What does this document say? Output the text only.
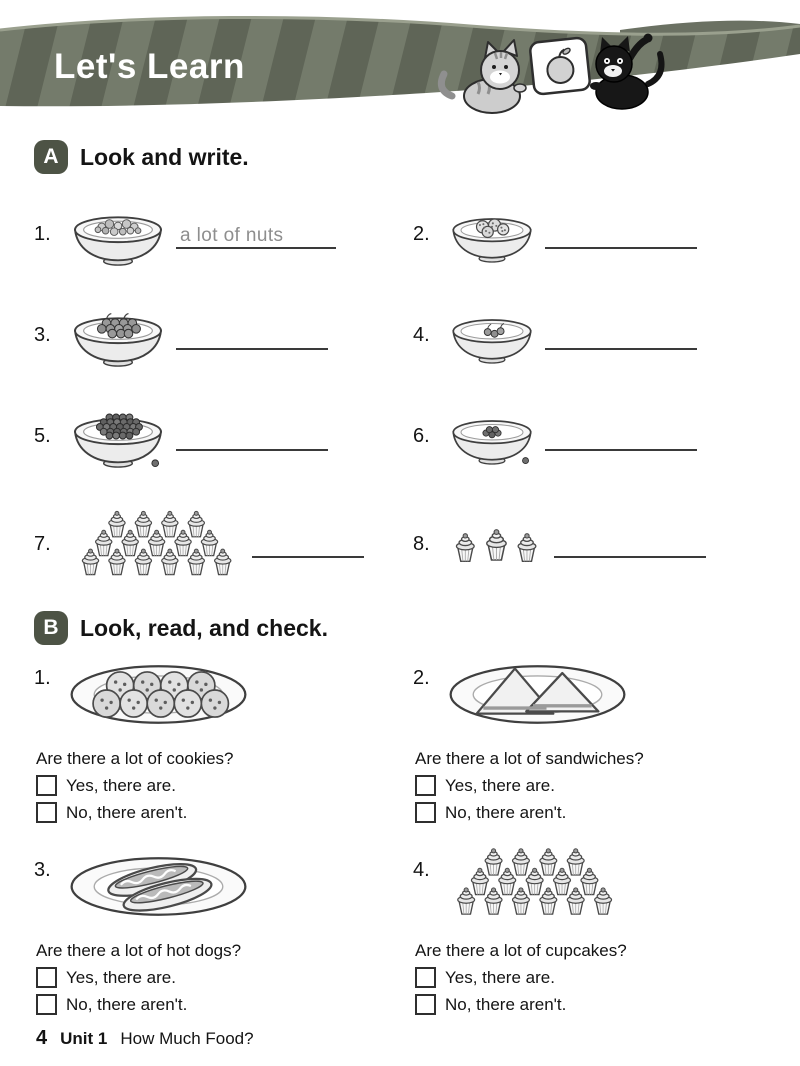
Let's Learn
A Look and write.
1.	a lot of nuts	2.
3.	4.
5.	6.
7.	8.
B Look, read, and check.
1.
Are there a lot of cookies?
Yes, there are.
No, there aren't.
2.
Are there a lot of sandwiches?
Yes, there are.
No, there aren't.
3.
Are there a lot of hot dogs?
Yes, there are.
No, there aren't.
4.
Are there a lot of cupcakes?
Yes, there are.
No, there aren't.
4 Unit 1 How Much Food?
